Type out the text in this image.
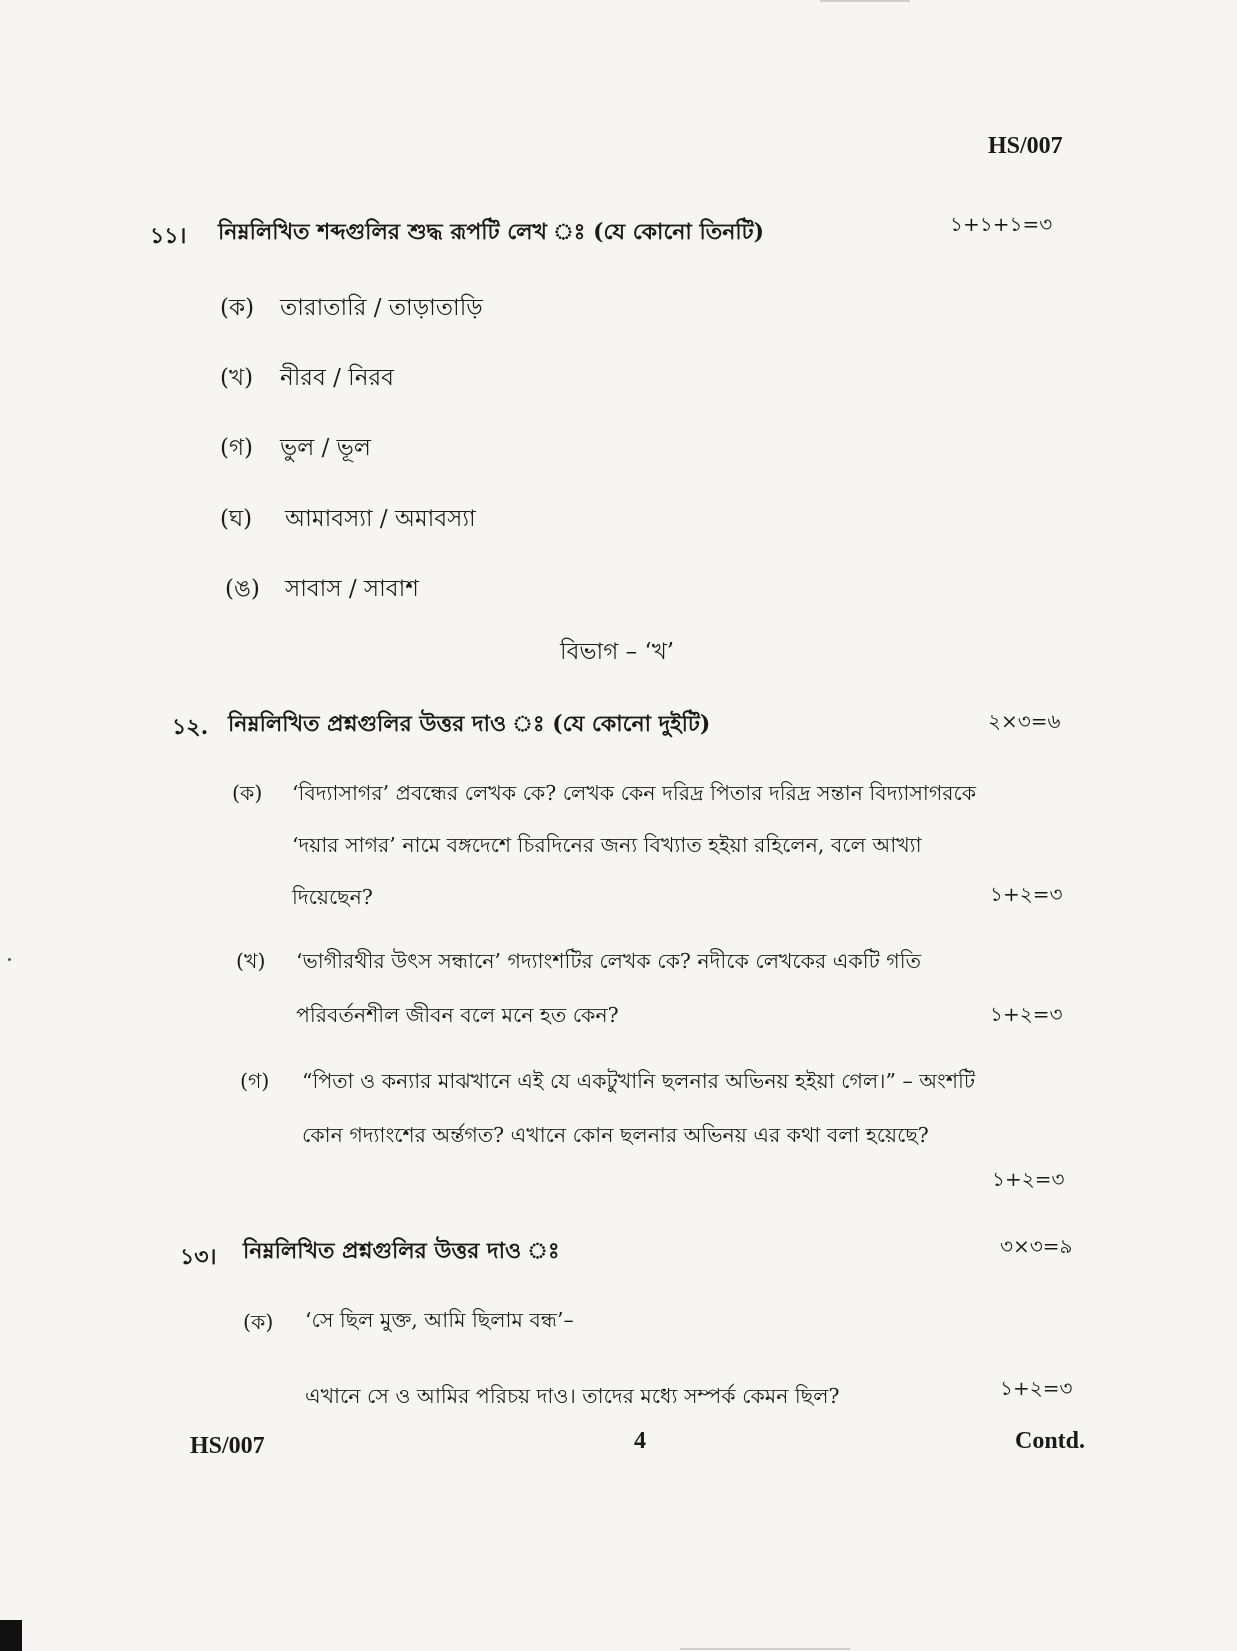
HS/007
১১। নিম্নলিখিত শব্দগুলির শুদ্ধ রূপটি লেখ ঃ (যে কোনো তিনটি)	১+১+১=৩
(ক) তারাতারি / তাড়াতাড়ি
(খ) নীরব / নিরব
(গ) ভুল / ভূল
(ঘ) আমাবস্যা / অমাবস্যা
(ঙ) সাবাস / সাবাশ
বিভাগ – ‘খ’
১২. নিম্নলিখিত প্রশ্নগুলির উত্তর দাও ঃ (যে কোনো দুইটি)	২×৩=৬
(ক) ‘বিদ্যাসাগর’ প্রবন্ধের লেখক কে? লেখক কেন দরিদ্র পিতার দরিদ্র সন্তান বিদ্যাসাগরকে
‘দয়ার সাগর’ নামে বঙ্গদেশে চিরদিনের জন্য বিখ্যাত হইয়া রহিলেন, বলে আখ্যা
দিয়েছেন?	১+২=৩
(খ) ‘ভাগীরথীর উৎস সন্ধানে’ গদ্যাংশটির লেখক কে? নদীকে লেখকের একটি গতি
পরিবর্তনশীল জীবন বলে মনে হত কেন?	১+২=৩
(গ) “পিতা ও কন্যার মাঝখানে এই যে একটুখানি ছলনার অভিনয় হইয়া গেল।” – অংশটি
কোন গদ্যাংশের অর্ন্তগত? এখানে কোন ছলনার অভিনয় এর কথা বলা হয়েছে?
১+২=৩
১৩। নিম্নলিখিত প্রশ্নগুলির উত্তর দাও ঃ	৩×৩=৯
(ক) ‘সে ছিল মুক্ত, আমি ছিলাম বন্ধ’–
এখানে সে ও আমির পরিচয় দাও। তাদের মধ্যে সম্পর্ক কেমন ছিল?	১+২=৩
HS/007	4	Contd.
